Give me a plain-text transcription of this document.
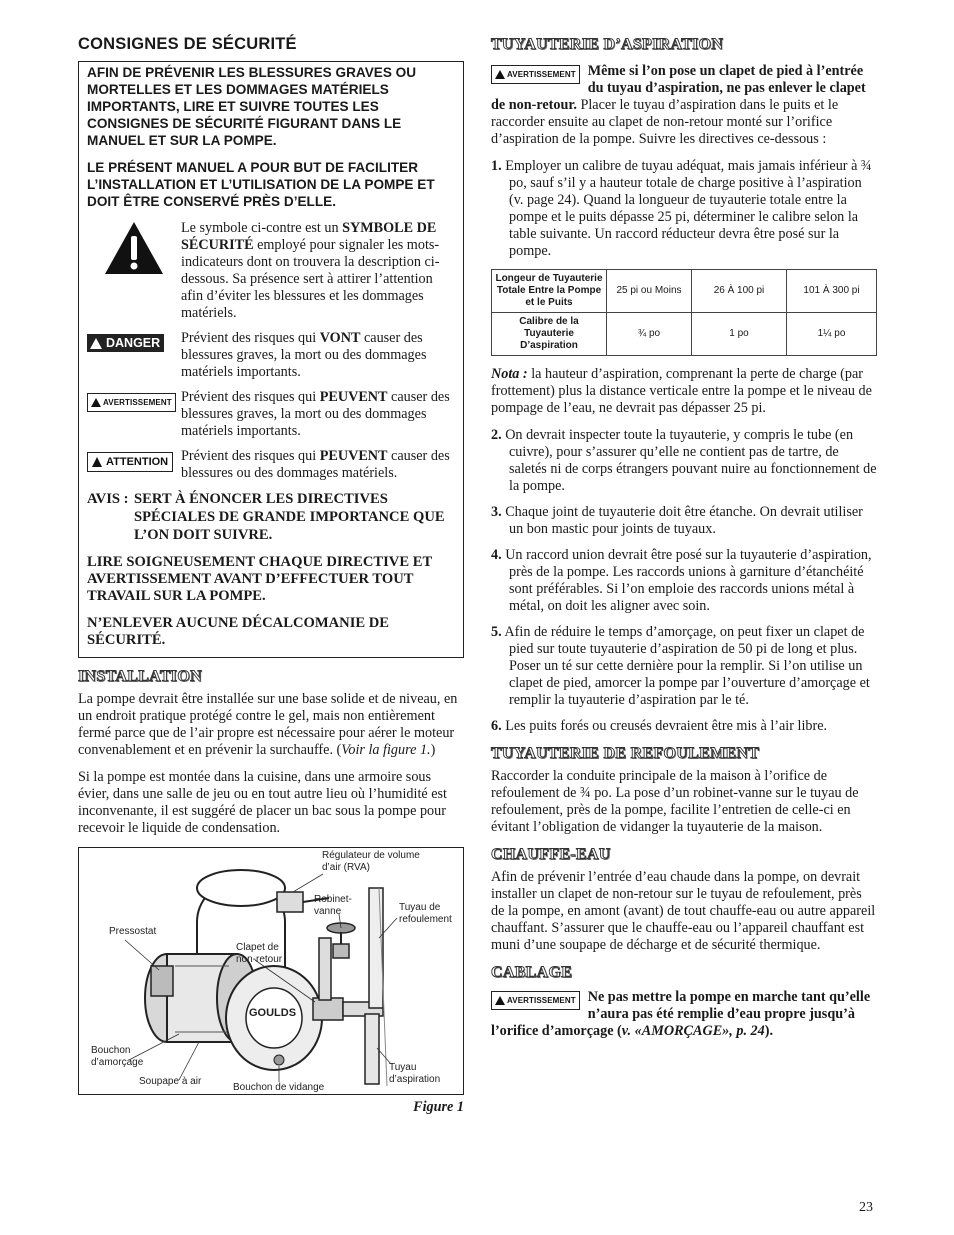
CONSIGNES DE SÉCURITÉ

AFIN DE PRÉVENIR LES BLESSURES GRAVES OU MORTELLES ET LES DOMMAGES MATÉRIELS IMPORTANTS, LIRE ET SUIVRE TOUTES LES CONSIGNES DE SÉCURITÉ FIGURANT DANS LE MANUEL ET SUR LA POMPE.

LE PRÉSENT MANUEL A POUR BUT DE FACILITER L’INSTALLATION ET L’UTILISATION DE LA POMPE ET DOIT ÊTRE CONSERVÉ PRÈS D’ELLE.

Le symbole ci-contre est un SYMBOLE DE SÉCURITÉ employé pour signaler les mots-indicateurs dont on trouvera la description ci-dessous. Sa présence sert à attirer l’attention afin d’éviter les blessures et les dommages matériels.
DANGER Prévient des risques qui VONT causer des blessures graves, la mort ou des dommages matériels importants.
AVERTISSEMENT Prévient des risques qui PEUVENT causer des blessures graves, la mort ou des dommages matériels importants.
ATTENTION Prévient des risques qui PEUVENT causer des blessures ou des dommages matériels.
AVIS : SERT À ÉNONCER LES DIRECTIVES SPÉCIALES DE GRANDE IMPORTANCE QUE L’ON DOIT SUIVRE.

LIRE SOIGNEUSEMENT CHAQUE DIRECTIVE ET AVERTISSEMENT AVANT D’EFFECTUER TOUT TRAVAIL SUR LA POMPE.

N’ENLEVER AUCUNE DÉCALCOMANIE DE SÉCURITÉ.

INSTALLATION

La pompe devrait être installée sur une base solide et de niveau, en un endroit pratique protégé contre le gel, mais non entièrement fermé parce que de l’air propre est nécessaire pour aérer le moteur convenablement et en prévenir la surchauffe. (Voir la figure 1.)

Si la pompe est montée dans la cuisine, dans une armoire sous évier, dans une salle de jeu ou en tout autre lieu où l’humidité est inconvenante, il est suggéré de placer un bac sous la pompe pour recevoir le liquide de condensation.

GOULDS
Régulateur de volume d’air (RVA)
Robinet-vanne	Tuyau de refoulement
Pressostat
Clapet de non-retour
Bouchon d’amorçage
Soupape à air
Bouchon de vidange
Tuyau d’aspiration
Figure 1
TUYAUTERIE D’ASPIRATION

AVERTISSEMENT Même si l’on pose un clapet de pied à l’entrée du tuyau d’aspiration, ne pas enlever le clapet de non-retour. Placer le tuyau d’aspiration dans le puits et le raccorder ensuite au clapet de non-retour monté sur l’orifice d’aspiration de la pompe. Suivre les directives ce-dessous :

1. Employer un calibre de tuyau adéquat, mais jamais inférieur à ¾ po, sauf s’il y a hauteur totale de charge positive à l’aspiration (v. page 24). Quand la longueur de tuyauterie totale entre la pompe et le puits dépasse 25 pi, déterminer le calibre selon la table suivante. Un raccord réducteur devra être posé sur la pompe.
Longeur de Tuyauterie Totale Entre la Pompe et le Puits	25 pi ou Moins	26 À 100 pi	101 À 300 pi
Calibre de la Tuyauterie D’aspiration	¾ po	1 po	1¼ po

Nota : la hauteur d’aspiration, comprenant la perte de charge (par frottement) plus la distance verticale entre la pompe et le niveau de pompage de l’eau, ne devrait pas dépasser 25 pi.

2. On devrait inspecter toute la tuyauterie, y compris le tube (en cuivre), pour s’assurer qu’elle ne contient pas de tartre, de saletés ni de corps étrangers pouvant nuire au fonctionnement de la pompe.
3. Chaque joint de tuyauterie doit être étanche. On devrait utiliser un bon mastic pour joints de tuyaux.
4. Un raccord union devrait être posé sur la tuyauterie d’aspiration, près de la pompe. Les raccords unions à garniture d’étanchéité sont préférables. Si l’on emploie des raccords unions métal à métal, on doit les aligner avec soin.
5. Afin de réduire le temps d’amorçage, on peut fixer un clapet de pied sur toute tuyauterie d’aspiration de 50 pi de long et plus. Poser un té sur cette dernière pour la remplir. Si l’on utilise un clapet de pied, amorcer la pompe par l’ouverture d’amorçage et remplir la tuyauterie d’aspiration par le té.
6. Les puits forés ou creusés devraient être mis à l’air libre.
TUYAUTERIE DE REFOULEMENT

Raccorder la conduite principale de la maison à l’orifice de refoulement de ¾ po. La pose d’un robinet-vanne sur le tuyau de refoulement, près de la pompe, facilite l’entretien de celle-ci en évitant l’obligation de vidanger la tuyauterie de la maison.

CHAUFFE-EAU

Afin de prévenir l’entrée d’eau chaude dans la pompe, on devrait installer un clapet de non-retour sur le tuyau de refoulement, près de la pompe, en amont (avant) de tout chauffe-eau ou autre appareil chauffant. S’assurer que le chauffe-eau ou l’appareil chauffant est muni d’une soupape de décharge et de sécurité thermique.

CABLAGE

AVERTISSEMENT Ne pas mettre la pompe en marche tant qu’elle n’aura pas été remplie d’eau propre jusqu’à l’orifice d’amorçage (v. «AMORÇAGE», p. 24).

23
